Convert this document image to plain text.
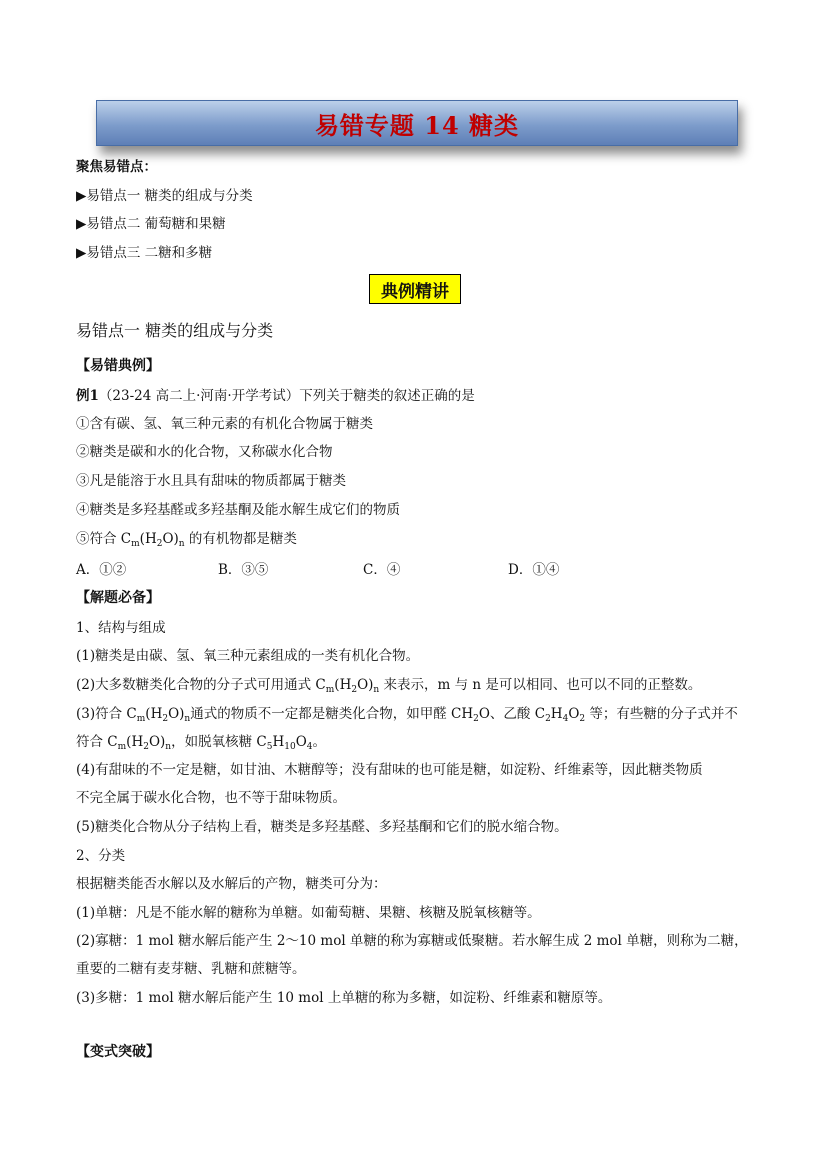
易错专题 14 糖类
聚焦易错点：
▶易错点一 糖类的组成与分类
▶易错点二 葡萄糖和果糖
▶易错点三 二糖和多糖
典例精讲
易错点一 糖类的组成与分类
【易错典例】
例1（23-24 高二上·河南·开学考试）下列关于糖类的叙述正确的是
①含有碳、氢、氧三种元素的有机化合物属于糖类
②糖类是碳和水的化合物，又称碳水化合物
③凡是能溶于水且具有甜味的物质都属于糖类
④糖类是多羟基醛或多羟基酮及能水解生成它们的物质
⑤符合 $C_m(H_2O)_n$ 的有机物都是糖类
A．①②	B．③⑤	C．④	D．①④
【解题必备】
1、结构与组成
(1)糖类是由碳、氢、氧三种元素组成的一类有机化合物。
(2)大多数糖类化合物的分子式可用通式 $C_m(H_2O)_n$ 来表示，m 与 n 是可以相同、也可以不同的正整数。
(3)符合 $C_m(H_2O)_n$通式的物质不一定都是糖类化合物，如甲醛 $CH_2O$、乙酸 $C_2H_4O_2$ 等；有些糖的分子式并不
符合 $C_m(H_2O)_n$，如脱氧核糖 $C_5H_{10}O_4$。
(4)有甜味的不一定是糖，如甘油、木糖醇等；没有甜味的也可能是糖，如淀粉、纤维素等，因此糖类物质
不完全属于碳水化合物，也不等于甜味物质。
(5)糖类化合物从分子结构上看，糖类是多羟基醛、多羟基酮和它们的脱水缩合物。
2、分类
根据糖类能否水解以及水解后的产物，糖类可分为：
(1)单糖：凡是不能水解的糖称为单糖。如葡萄糖、果糖、核糖及脱氧核糖等。
(2)寡糖：1 mol 糖水解后能产生 2～10 mol 单糖的称为寡糖或低聚糖。若水解生成 2 mol 单糖，则称为二糖，
重要的二糖有麦芽糖、乳糖和蔗糖等。
(3)多糖：1 mol 糖水解后能产生 10 mol 上单糖的称为多糖，如淀粉、纤维素和糖原等。
【变式突破】
